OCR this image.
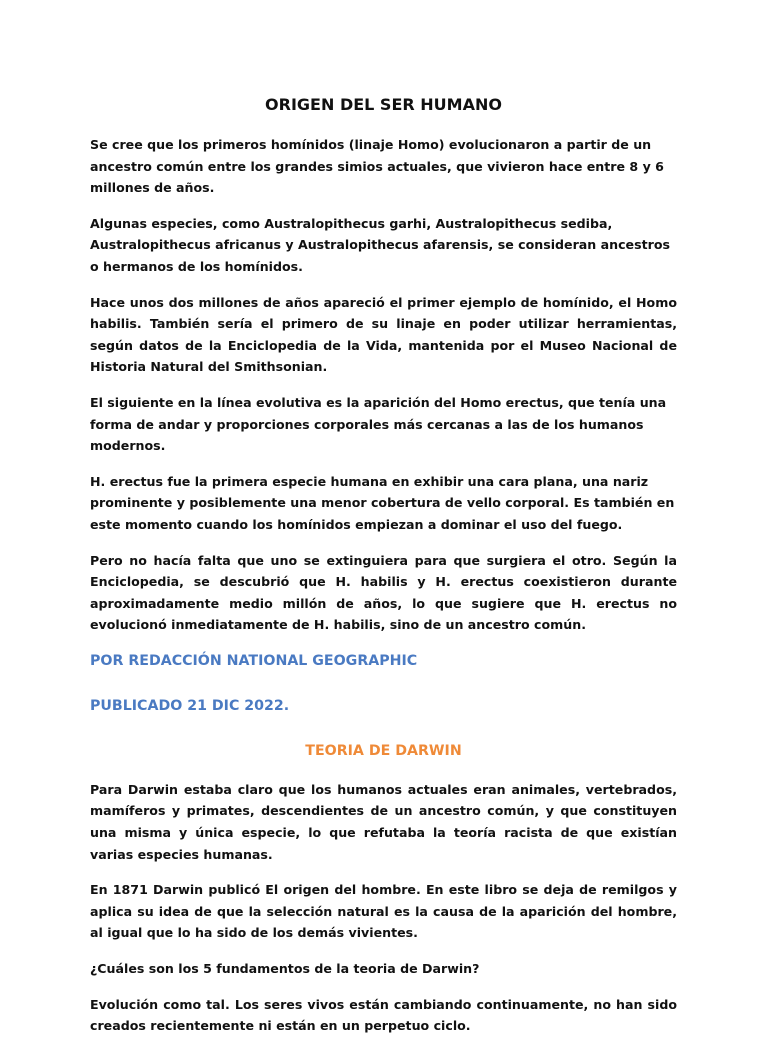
ORIGEN DEL SER HUMANO

Se cree que los primeros homínidos (linaje Homo) evolucionaron a partir de un ancestro común entre los grandes simios actuales, que vivieron hace entre 8 y 6 millones de años.

Algunas especies, como Australopithecus garhi, Australopithecus sediba, Australopithecus africanus y Australopithecus afarensis, se consideran ancestros o hermanos de los homínidos.

Hace unos dos millones de años apareció el primer ejemplo de homínido, el Homo habilis. También sería el primero de su linaje en poder utilizar herramientas, según datos de la Enciclopedia de la Vida, mantenida por el Museo Nacional de Historia Natural del Smithsonian.

El siguiente en la línea evolutiva es la aparición del Homo erectus, que tenía una forma de andar y proporciones corporales más cercanas a las de los humanos modernos.

H. erectus fue la primera especie humana en exhibir una cara plana, una nariz prominente y posiblemente una menor cobertura de vello corporal. Es también en este momento cuando los homínidos empiezan a dominar el uso del fuego.

Pero no hacía falta que uno se extinguiera para que surgiera el otro. Según la Enciclopedia, se descubrió que H. habilis y H. erectus coexistieron durante aproximadamente medio millón de años, lo que sugiere que H. erectus no evolucionó inmediatamente de H. habilis, sino de un ancestro común.

POR REDACCIÓN NATIONAL GEOGRAPHIC
PUBLICADO 21 DIC 2022.
TEORIA DE DARWIN

Para Darwin estaba claro que los humanos actuales eran animales, vertebrados, mamíferos y primates, descendientes de un ancestro común, y que constituyen una misma y única especie, lo que refutaba la teoría racista de que existían varias especies humanas.

En 1871 Darwin publicó El origen del hombre. En este libro se deja de remilgos y aplica su idea de que la selección natural es la causa de la aparición del hombre, al igual que lo ha sido de los demás vivientes.

¿Cuáles son los 5 fundamentos de la teoria de Darwin?

Evolución como tal. Los seres vivos están cambiando continuamente, no han sido creados recientemente ni están en un perpetuo ciclo.
